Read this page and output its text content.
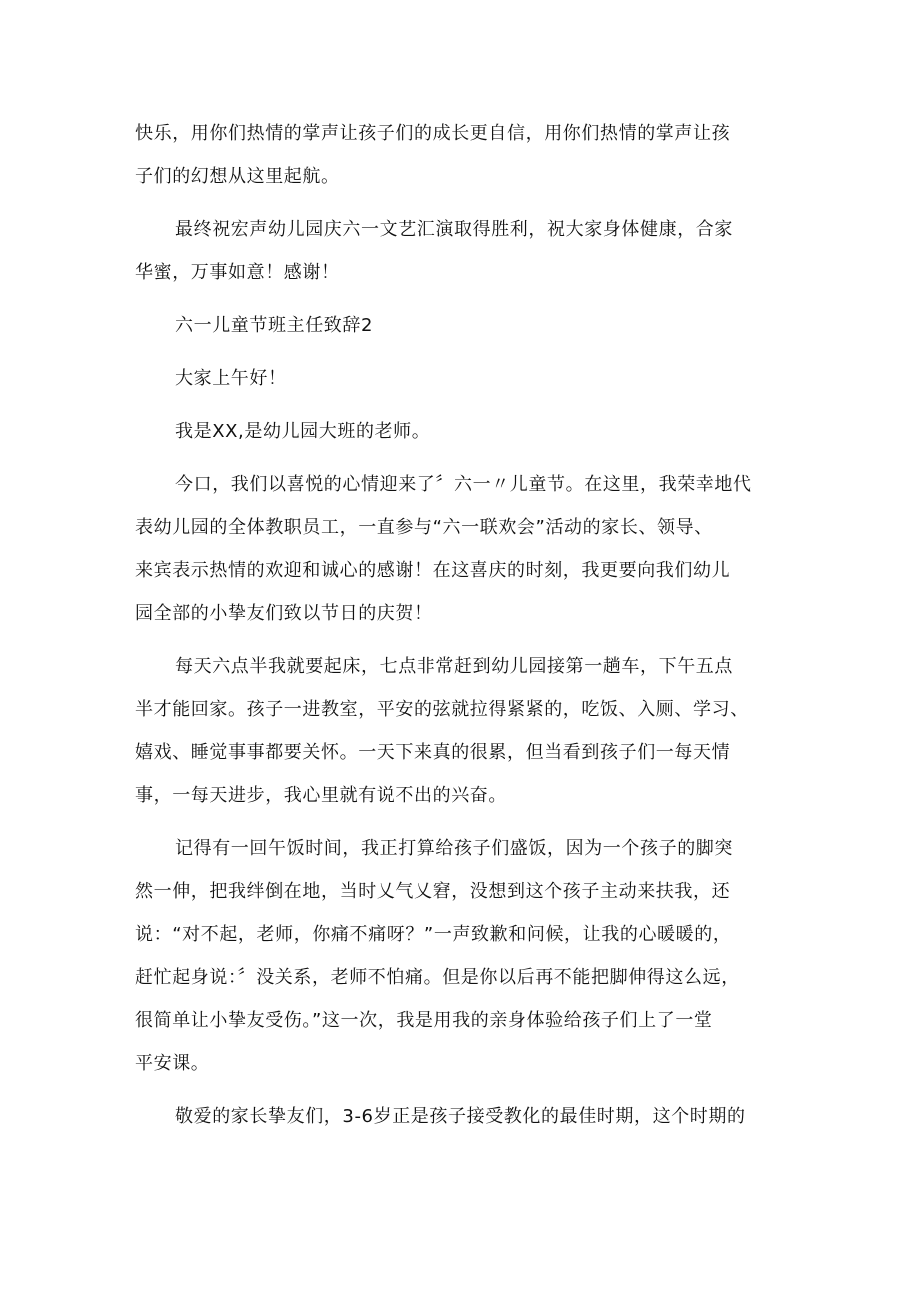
快乐，用你们热情的掌声让孩子们的成长更自信，用你们热情的掌声让孩
子们的幻想从这里起航。
最终祝宏声幼儿园庆六一文艺汇演取得胜利，祝大家身体健康，合家
华蜜，万事如意！感谢！
六一儿童节班主任致辞2
大家上午好！
我是XX,是幼儿园大班的老师。
今口，我们以喜悦的心情迎来了〞六一〃儿童节。在这里，我荣幸地代
表幼儿园的全体教职员工，一直参与“六一联欢会”活动的家长、领导、
来宾表示热情的欢迎和诚心的感谢！在这喜庆的时刻，我更要向我们幼儿
园全部的小挚友们致以节日的庆贺！
每天六点半我就要起床，七点非常赶到幼儿园接第一趟车，下午五点
半才能回家。孩子一进教室，平安的弦就拉得紧紧的，吃饭、入厕、学习、
嬉戏、睡觉事事都要关怀。一天下来真的很累，但当看到孩子们一每天情
事，一每天进步，我心里就有说不出的兴奋。
记得有一回午饭时间，我正打算给孩子们盛饭，因为一个孩子的脚突
然一伸，把我绊倒在地，当时乂气乂窘，没想到这个孩子主动来扶我，还
说：“对不起，老师，你痛不痛呀？”一声致歉和问候，让我的心暖暖的，
赶忙起身说：〞没关系，老师不怕痛。但是你以后再不能把脚伸得这么远，
很简单让小挚友受伤。”这一次，我是用我的亲身体验给孩子们上了一堂
平安课。
敬爱的家长挚友们，3-6岁正是孩子接受教化的最佳时期，这个时期的
